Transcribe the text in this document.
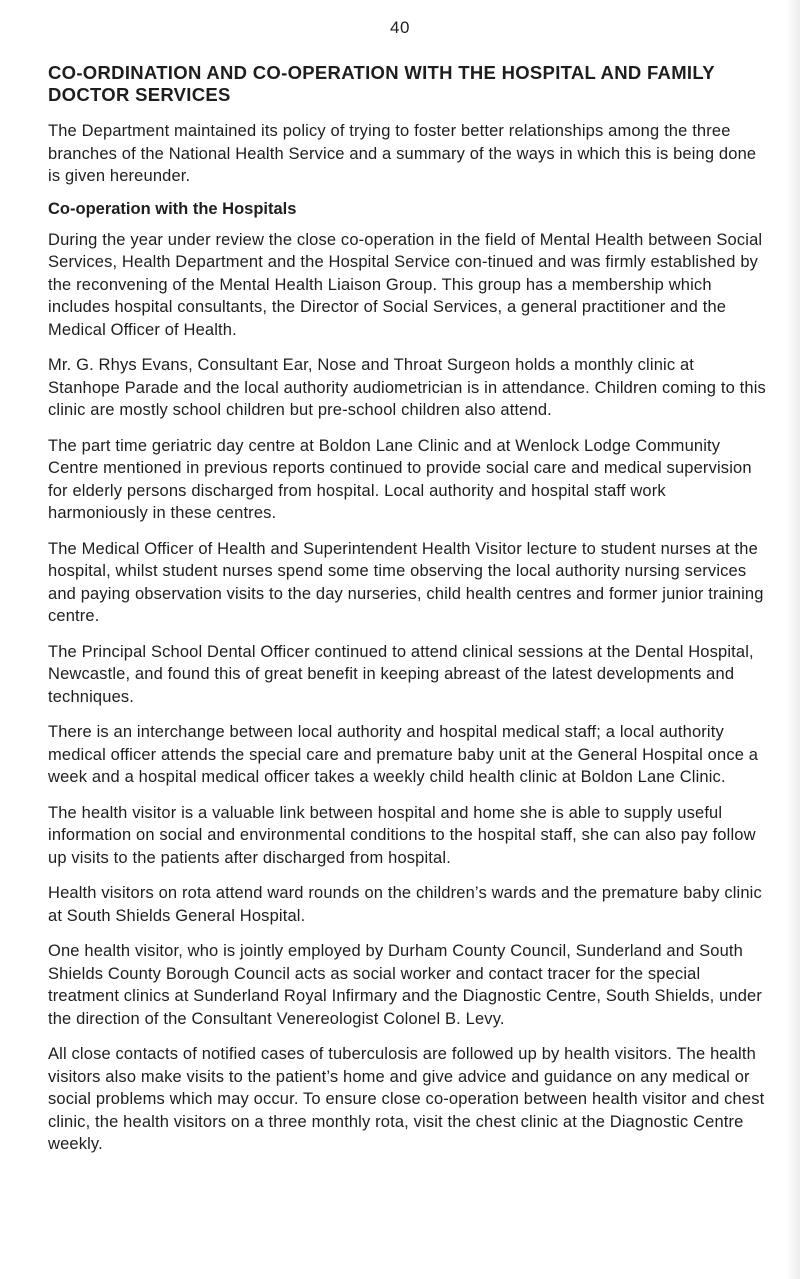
40
CO-ORDINATION AND CO-OPERATION WITH THE HOSPITAL AND FAMILY DOCTOR SERVICES

The Department maintained its policy of trying to foster better relationships among the three branches of the National Health Service and a summary of the ways in which this is being done is given hereunder.

Co-operation with the Hospitals

During the year under review the close co-operation in the field of Mental Health between Social Services, Health Department and the Hospital Service con-tinued and was firmly established by the reconvening of the Mental Health Liaison Group. This group has a membership which includes hospital consultants, the Director of Social Services, a general practitioner and the Medical Officer of Health.

Mr. G. Rhys Evans, Consultant Ear, Nose and Throat Surgeon holds a monthly clinic at Stanhope Parade and the local authority audiometrician is in attendance. Children coming to this clinic are mostly school children but pre-school children also attend.

The part time geriatric day centre at Boldon Lane Clinic and at Wenlock Lodge Community Centre mentioned in previous reports continued to provide social care and medical supervision for elderly persons discharged from hospital. Local authority and hospital staff work harmoniously in these centres.

The Medical Officer of Health and Superintendent Health Visitor lecture to student nurses at the hospital, whilst student nurses spend some time observing the local authority nursing services and paying observation visits to the day nurseries, child health centres and former junior training centre.

The Principal School Dental Officer continued to attend clinical sessions at the Dental Hospital, Newcastle, and found this of great benefit in keeping abreast of the latest developments and techniques.

There is an interchange between local authority and hospital medical staff; a local authority medical officer attends the special care and premature baby unit at the General Hospital once a week and a hospital medical officer takes a weekly child health clinic at Boldon Lane Clinic.

The health visitor is a valuable link between hospital and home she is able to supply useful information on social and environmental conditions to the hospital staff, she can also pay follow up visits to the patients after discharged from hospital.

Health visitors on rota attend ward rounds on the children’s wards and the premature baby clinic at South Shields General Hospital.

One health visitor, who is jointly employed by Durham County Council, Sunderland and South Shields County Borough Council acts as social worker and contact tracer for the special treatment clinics at Sunderland Royal Infirmary and the Diagnostic Centre, South Shields, under the direction of the Consultant Venereologist Colonel B. Levy.

All close contacts of notified cases of tuberculosis are followed up by health visitors. The health visitors also make visits to the patient’s home and give advice and guidance on any medical or social problems which may occur. To ensure close co-operation between health visitor and chest clinic, the health visitors on a three monthly rota, visit the chest clinic at the Diagnostic Centre weekly.
